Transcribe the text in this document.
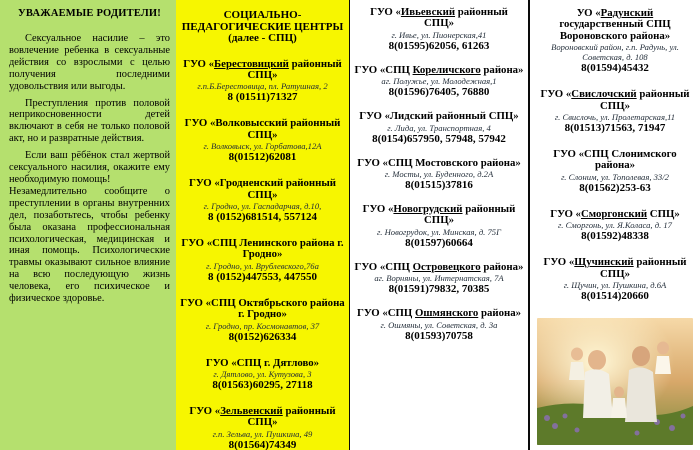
УВАЖАЕМЫЕ РОДИТЕЛИ!

Сексуальное насилие – это вовлечение ребенка в сексуальные действия со взрослыми с целью получения последними удовольствия или выгоды.

Преступления против половой неприкосновенности детей включают в себя не только половой акт, но и развратные действия.

Если ваш рёбёнок стал жертвой сексуального насилия, окажите ему необходимую помощь!

Незамедлительно сообщите о преступлении в органы внутренних дел, позаботьтесь, чтобы ребенку была оказана профессиональная психологическая, медицинская и иная помощь. Психологические травмы оказывают сильное влияние на всю последующую жизнь человека, его психическое и физическое здоровье.

СОЦИАЛЬНО-ПЕДАГОГИЧЕСКИЕ ЦЕНТРЫ (далее - СПЦ)
ГУО «Берестовицкий районный СПЦ»
г.п.Б.Берестовица, пл. Ратушная, 2
8 (01511)71327
ГУО «Волковысский районный СПЦ»
г. Волковыск, ул. Горбатова,12А
8(01512)62081
ГУО «Гродненский районный СПЦ»
г. Гродно, ул. Гаспадарчая, д.10,
8 (0152)681514, 557124
ГУО «СПЦ Ленинского района г. Гродно»
г. Гродно, ул. Врублевского,76а
8 (0152)447553, 447550
ГУО «СПЦ Октябрьского района г. Гродно»
г. Гродно, пр. Космонавтов, 37
8(0152)626334
ГУО «СПЦ г. Дятлово»
г. Дятлово, ул. Кутузова, 3
8(01563)60295, 27118
ГУО «Зельвенский районный СПЦ»
г.п. Зельва, ул. Пушкина, 49
8(01564)74349
ГУО «Ивьевский районный СПЦ»
г. Ивье, ул. Пионерская,41
8(01595)62056, 61263
ГУО «СПЦ Кореличского района»
аг. Полужье, ул. Молодежная,1
8(01596)76405, 76880
ГУО «Лидский районный СПЦ»
г. Лида, ул. Транспортная, 4
8(0154)657950, 57948, 57942
ГУО «СПЦ Мостовского района»
г. Мосты, ул. Буденного, д.2А
8(01515)37816
ГУО «Новогрудский районный СПЦ»
г. Новогрудок, ул. Минская, д. 75Г
8(01597)60664
ГУО «СПЦ Островецкого района»
аг. Ворняны, ул. Интернатская, 7А
8(01591)79832, 70385
ГУО «СПЦ Ошмянского района»
г. Ошмяны, ул. Советская, д. 3а
8(01593)70758
УО «Радунский государственный СПЦ Вороновского района»
Вороновский район, г.п. Радунь, ул. Советская, д. 108
8(01594)45432
ГУО «Свислочский районный СПЦ»
г. Свислочь, ул. Пролетарская,11
8(01513)71563, 71947
ГУО «СПЦ Слонимского района»
г. Слоним, ул. Тополевая, 33/2
8(01562)253-63
ГУО «Сморгонский СПЦ»
г. Сморгонь, ул. Я.Коласа, д. 17
8(01592)48338
ГУО «Щучинский районный СПЦ»
г. Щучин, ул. Пушкина, д.6А
8(01514)20660
